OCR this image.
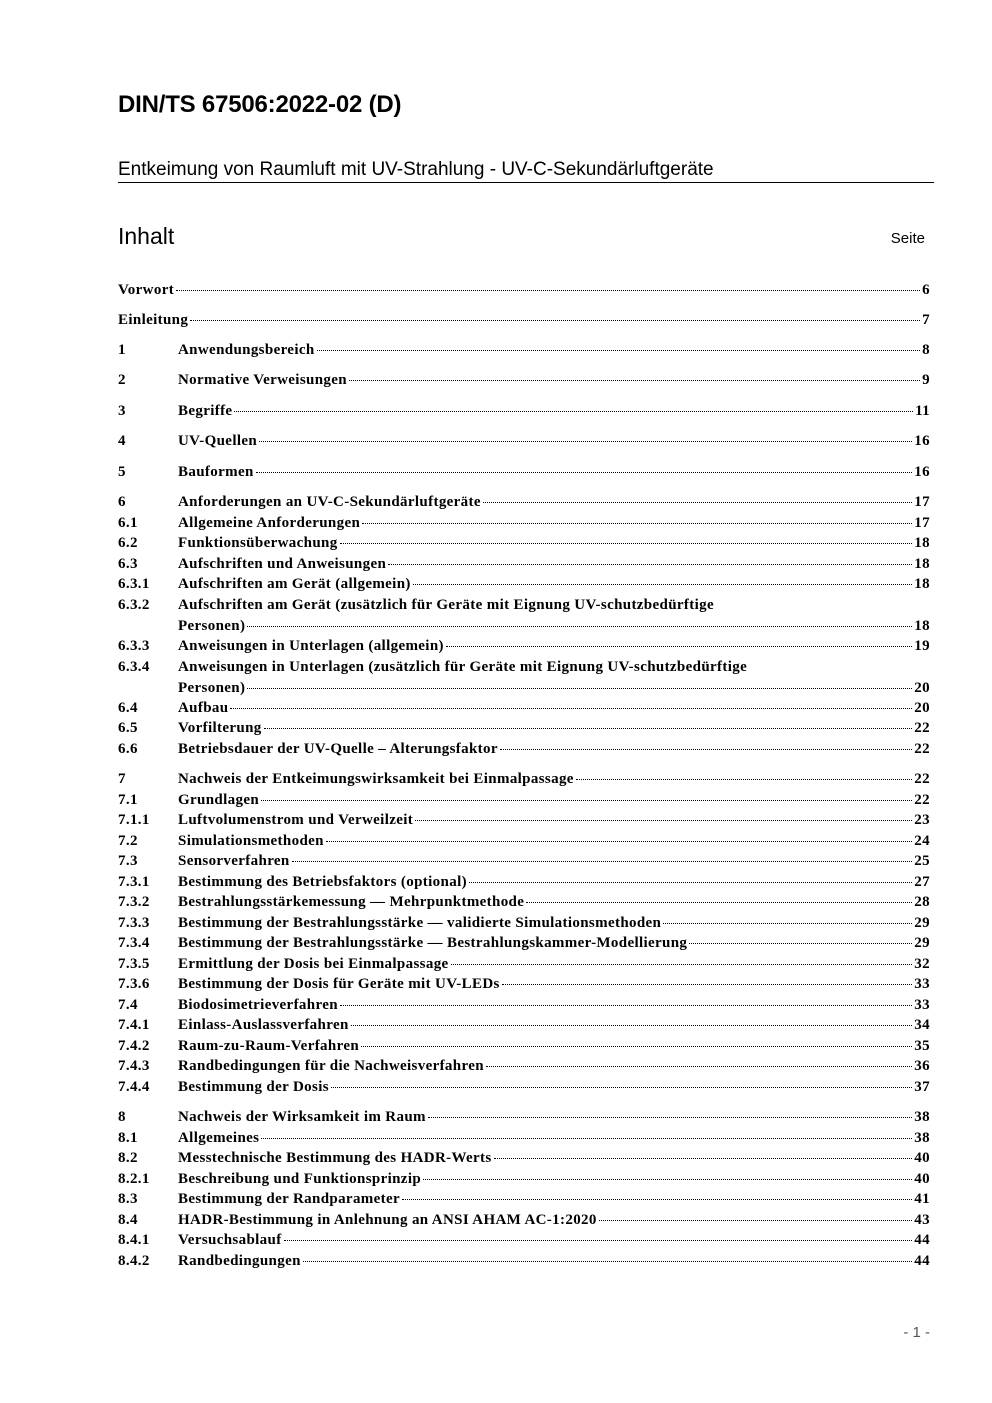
DIN/TS 67506:2022-02 (D)
Entkeimung von Raumluft mit UV-Strahlung - UV-C-Sekundärluftgeräte
Inhalt	Seite
Vorwort	6
Einleitung	7
1	Anwendungsbereich	8
2	Normative Verweisungen	9
3	Begriffe	11
4	UV-Quellen	16
5	Bauformen	16
6	Anforderungen an UV-C-Sekundärluftgeräte	17
6.1	Allgemeine Anforderungen	17
6.2	Funktionsüberwachung	18
6.3	Aufschriften und Anweisungen	18
6.3.1 Aufschriften am Gerät (allgemein)	18
6.3.2 Aufschriften am Gerät (zusätzlich für Geräte mit Eignung UV-schutzbedürftige
Personen)	18
6.3.3 Anweisungen in Unterlagen (allgemein)	19
6.3.4 Anweisungen in Unterlagen (zusätzlich für Geräte mit Eignung UV-schutzbedürftige
Personen)	20
6.4	Aufbau	20
6.5	Vorfilterung	22
6.6	Betriebsdauer der UV-Quelle – Alterungsfaktor	22
7	Nachweis der Entkeimungswirksamkeit bei Einmalpassage	22
7.1	Grundlagen	22
7.1.1 Luftvolumenstrom und Verweilzeit	23
7.2	Simulationsmethoden	24
7.3	Sensorverfahren	25
7.3.1 Bestimmung des Betriebsfaktors (optional)	27
7.3.2 Bestrahlungsstärkemessung — Mehrpunktmethode	28
7.3.3 Bestimmung der Bestrahlungsstärke — validierte Simulationsmethoden	29
7.3.4 Bestimmung der Bestrahlungsstärke — Bestrahlungskammer-Modellierung	29
7.3.5 Ermittlung der Dosis bei Einmalpassage	32
7.3.6 Bestimmung der Dosis für Geräte mit UV-LEDs	33
7.4	Biodosimetrieverfahren	33
7.4.1 Einlass-Auslassverfahren	34
7.4.2 Raum-zu-Raum-Verfahren	35
7.4.3 Randbedingungen für die Nachweisverfahren	36
7.4.4 Bestimmung der Dosis	37
8	Nachweis der Wirksamkeit im Raum	38
8.1	Allgemeines	38
8.2	Messtechnische Bestimmung des HADR-Werts	40
8.2.1 Beschreibung und Funktionsprinzip	40
8.3	Bestimmung der Randparameter	41
8.4	HADR-Bestimmung in Anlehnung an ANSI AHAM AC-1:2020	43
8.4.1 Versuchsablauf	44
8.4.2 Randbedingungen	44
- 1 -
